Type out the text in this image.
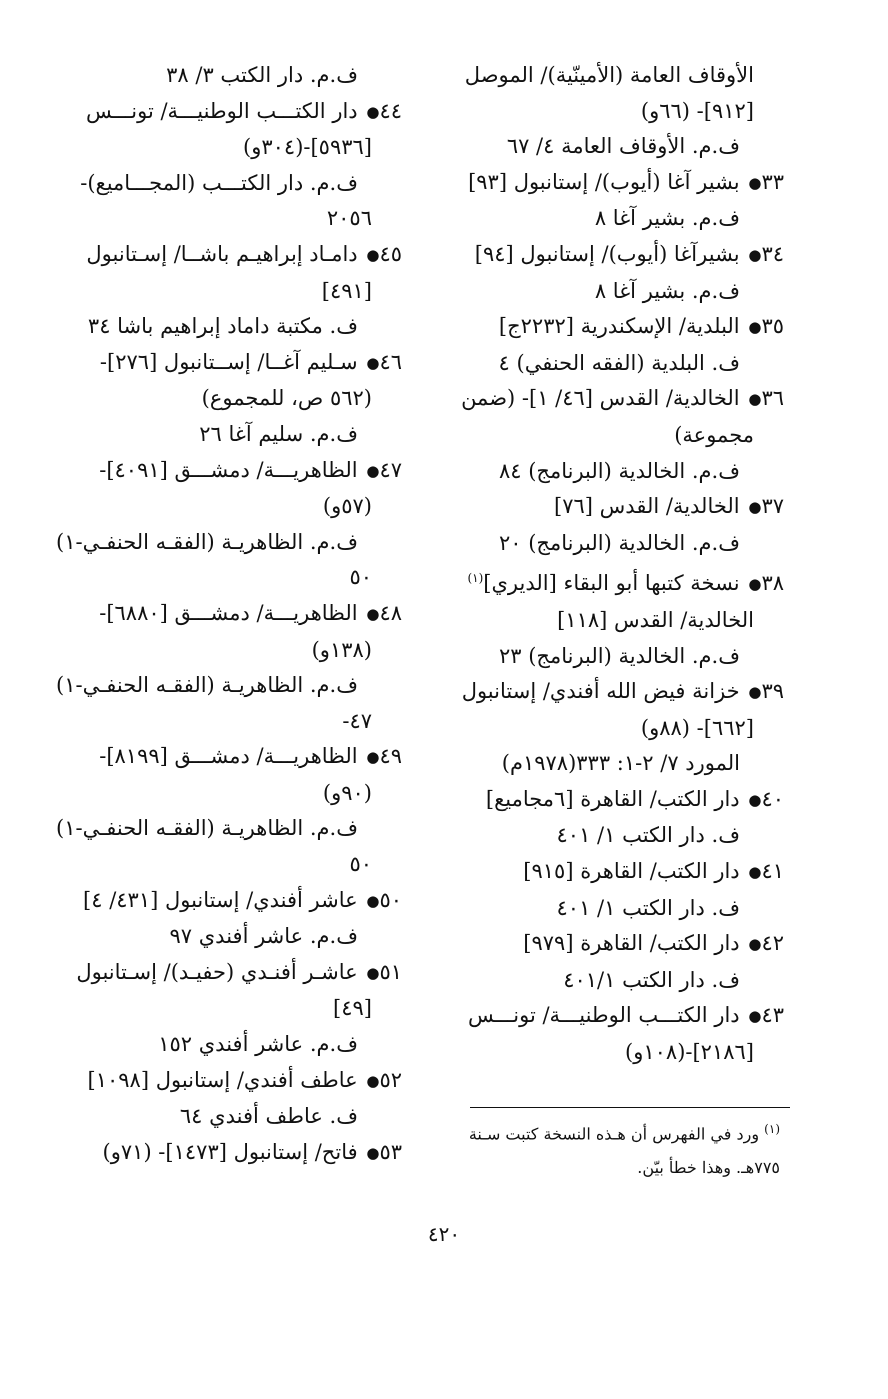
الأوقاف العامة (الأمينّية)/ الموصل
[٩١٢]- (٦٦و)
ف.م. الأوقاف العامة ٤/ ٦٧
٣٣● بشير آغا (أيوب)/ إستانبول [٩٣]
ف.م. بشير آغا ٨
٣٤● بشيرآغا (أيوب)/ إستانبول [٩٤]
ف.م. بشير آغا ٨
٣٥● البلدية/ الإسكندرية [٢٢٣٢ج]
ف. البلدية (الفقه الحنفي) ٤
٣٦● الخالدية/ القدس [٤٦/ ١]- (ضمن
مجموعة)
ف.م. الخالدية (البرنامج) ٨٤
٣٧● الخالدية/ القدس [٧٦]
ف.م. الخالدية (البرنامج) ٢٠
٣٨● نسخة كتبها أبو البقاء [الديري]$^{(١)}$
الخالدية/ القدس [١١٨]
ف.م. الخالدية (البرنامج) ٢٣
٣٩● خزانة فيض الله أفندي/ إستانبول
[٦٦٢]- (٨٨و)
المورد ٧/ ٢-١: ٣٣٣(١٩٧٨م)
٤٠● دار الكتب/ القاهرة [٦مجاميع]
ف. دار الكتب ١/ ٤٠١
٤١● دار الكتب/ القاهرة [٩١٥]
ف. دار الكتب ١/ ٤٠١
٤٢● دار الكتب/ القاهرة [٩٧٩]
ف. دار الكتب ٤٠١/١
٤٣● دار الكتـــب الوطنيـــة/ تونـــس
[٢١٨٦]-(١٠٨و)
ف.م. دار الكتب ٣/ ٣٨
٤٤● دار الكتـــب الوطنيـــة/ تونـــس
[٥٩٣٦]-(٣٠٤و)
ف.م. دار الكتـــب (المجـــاميع)-
٢٠٥٦
٤٥● دامـاد إبراهيـم باشــا/ إسـتانبول
[٤٩١]
ف. مكتبة داماد إبراهيم باشا ٣٤
٤٦● سـليم آغــا/ إســتانبول [٢٧٦]-
(٥٦٢ ص، للمجموع)
ف.م. سليم آغا ٢٦
٤٧● الظاهريـــة/ دمشـــق [٤٠٩١]-
(٥٧و)
ف.م. الظاهريـة (الفقـه الحنفـي-١)
٥٠
٤٨● الظاهريـــة/ دمشـــق [٦٨٨٠]-
(١٣٨و)
ف.م. الظاهريـة (الفقـه الحنفـي-١)
٤٧-
٤٩● الظاهريـــة/ دمشـــق [٨١٩٩]-
(٩٠و)
ف.م. الظاهريـة (الفقـه الحنفـي-١)
٥٠
٥٠● عاشر أفندي/ إستانبول [٤٣١/ ٤]
ف.م. عاشر أفندي ٩٧
٥١● عاشـر أفنـدي (حفيـد)/ إسـتانبول
[٤٩]
ف.م. عاشر أفندي ١٥٢
٥٢● عاطف أفندي/ إستانبول [١٠٩٨]
ف. عاطف أفندي ٦٤
٥٣● فاتح/ إستانبول [١٤٧٣]- (٧١و)
$^{(١)}$ ورد في الفهرس أن هـذه النسخة كتبت سـنة
٧٧٥هـ. وهذا خطأ بيّن.
٤٢٠
